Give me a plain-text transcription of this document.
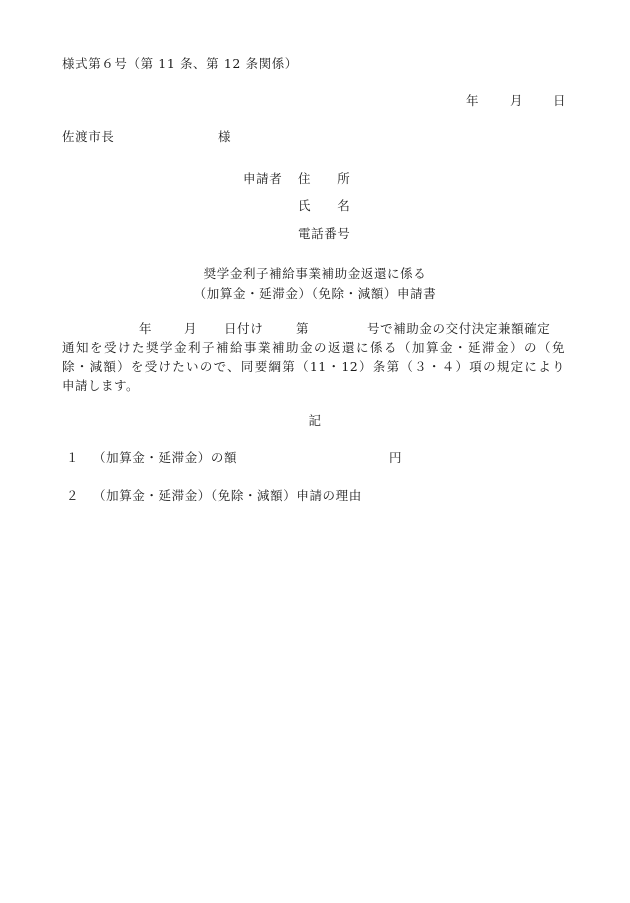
様式第６号（第 11 条、第 12 条関係）
年 月 日
佐渡市長	様
申請者 住　　所
氏　　名
電話番号
奨学金利子補給事業補助金返還に係る
（加算金・延滞金）（免除・減額）申請書
年	月 日付け	第	号で補助金の交付決定兼額確定
通知を受けた奨学金利子補給事業補助金の返還に係る（加算金・延滞金）の（免
除・減額）を受けたいので、同要綱第（11・12）条第（３・４）項の規定により
申請します。
記
１ （加算金・延滞金）の額	円
２ （加算金・延滞金）（免除・減額）申請の理由
